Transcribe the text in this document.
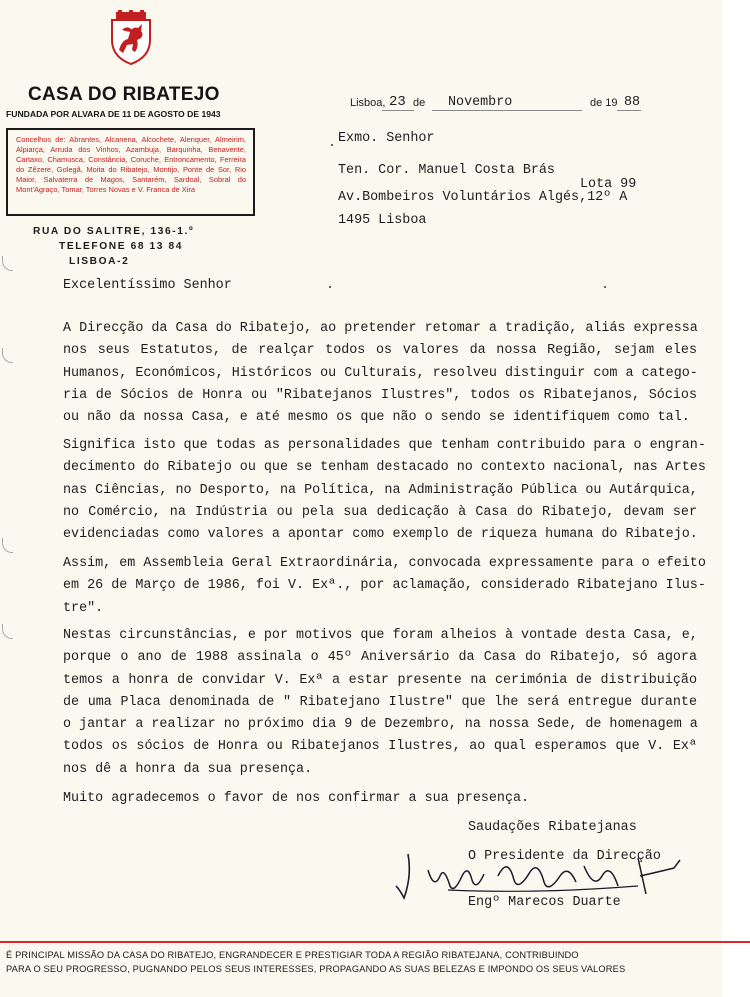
CASA DO RIBATEJO
FUNDADA POR ALVARA DE 11 DE AGOSTO DE 1943

Concelhos de: Abrantes, Alcanena, Alcochete, Alenquer, Almeirim, Alpiarça, Arruda dos Vinhos, Azambuja, Barquinha, Benavente, Cartaxo, Chamusca, Constância, Coruche, Entroncamento, Ferreira do Zêzere, Golegã, Moita do Ribatejo, Montijo, Ponte de Sor, Rio Maior, Salvaterra de Magos, Santarém, Sardoal, Sobral do Mont'Agraço, Tomar, Torres Novas e V. Franca de Xira

RUA DO SALITRE, 136-1.º
TELEFONE 68 13 84
LISBOA-2
Lisboa, 23 de Novembro	de 19 88
Exmo. Senhor
Ten. Cor. Manuel Costa Brás
Lota 99
Av.Bombeiros Voluntários Algés,12º A
1495 Lisboa
Excelentíssimo Senhor
A Direcção da Casa do Ribatejo, ao pretender retomar a tradição, aliás expressa
nos seus Estatutos, de realçar todos os valores da nossa Região, sejam eles
Humanos, Económicos, Históricos ou Culturais, resolveu distinguir com a catego-
ria de Sócios de Honra ou "Ribatejanos Ilustres", todos os Ribatejanos, Sócios
ou não da nossa Casa, e até mesmo os que não o sendo se identifiquem como tal.
Significa isto que todas as personalidades que tenham contribuido para o engran-
decimento do Ribatejo ou que se tenham destacado no contexto nacional, nas Artes
nas Ciências, no Desporto, na Política, na Administração Pública ou Autárquica,
no Comércio, na Indústria ou pela sua dedicação à Casa do Ribatejo, devam ser
evidenciadas como valores a apontar como exemplo de riqueza humana do Ribatejo.
Assim, em Assembleia Geral Extraordinária, convocada expressamente para o efeito
em 26 de Março de 1986, foi V. Exª., por aclamação, considerado Ribatejano Ilus-
tre".
Nestas circunstâncias, e por motivos que foram alheios à vontade desta Casa, e,
porque o ano de 1988 assinala o 45º Aniversário da Casa do Ribatejo, só agora
temos a honra de convidar V. Exª a estar presente na cerimónia de distribuição
de uma Placa denominada de " Ribatejano Ilustre" que lhe será entregue durante
o jantar a realizar no próximo dia 9 de Dezembro, na nossa Sede, de homenagem a
todos os sócios de Honra ou Ribatejanos Ilustres, ao qual esperamos que V. Exª
nos dê a honra da sua presença.
Muito agradecemos o favor de nos confirmar a sua presença.
Saudações Ribatejanas
O Presidente da Direcção
Engº Marecos Duarte
É PRINCIPAL MISSÃO DA CASA DO RIBATEJO, ENGRANDECER E PRESTIGIAR TODA A REGIÃO RIBATEJANA, CONTRIBUINDO
PARA O SEU PROGRESSO, PUGNANDO PELOS SEUS INTERESSES, PROPAGANDO AS SUAS BELEZAS E IMPONDO OS SEUS VALORES
